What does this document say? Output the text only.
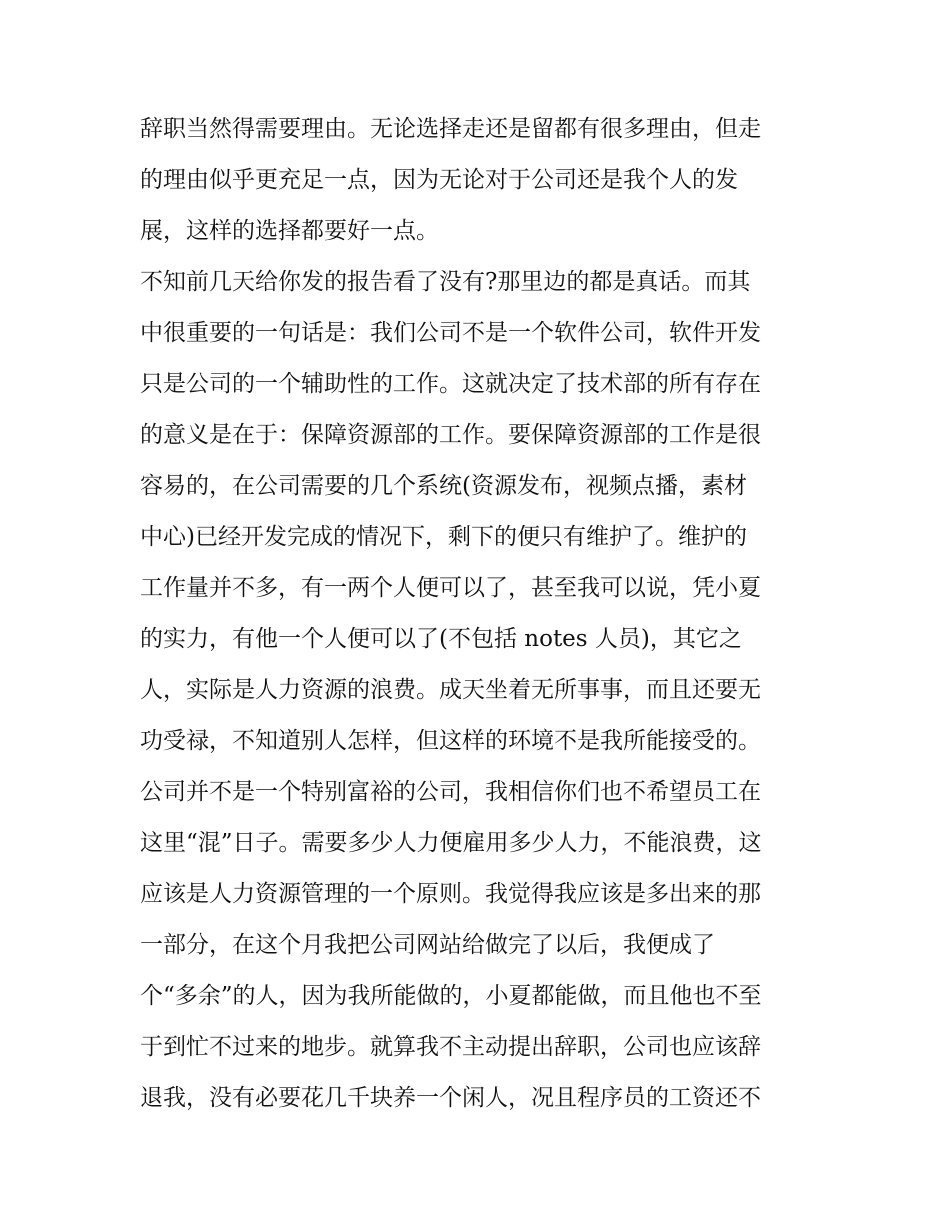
辞职当然得需要理由。无论选择走还是留都有很多理由，但走

的理由似乎更充足一点，因为无论对于公司还是我个人的发

展，这样的选择都要好一点。

不知前几天给你发的报告看了没有?那里边的都是真话。而其

中很重要的一句话是：我们公司不是一个软件公司，软件开发

只是公司的一个辅助性的工作。这就决定了技术部的所有存在

的意义是在于：保障资源部的工作。要保障资源部的工作是很

容易的，在公司需要的几个系统(资源发布，视频点播，素材

中心)已经开发完成的情况下，剩下的便只有维护了。维护的

工作量并不多，有一两个人便可以了，甚至我可以说，凭小夏

的实力，有他一个人便可以了(不包括 notes 人员)，其它之

人，实际是人力资源的浪费。成天坐着无所事事，而且还要无

功受禄，不知道别人怎样，但这样的环境不是我所能接受的。

公司并不是一个特别富裕的公司，我相信你们也不希望员工在

这里“混”日子。需要多少人力便雇用多少人力，不能浪费，这

应该是人力资源管理的一个原则。我觉得我应该是多出来的那

一部分，在这个月我把公司网站给做完了以后，我便成了

个“多余”的人，因为我所能做的，小夏都能做，而且他也不至

于到忙不过来的地步。就算我不主动提出辞职，公司也应该辞

退我，没有必要花几千块养一个闲人，况且程序员的工资还不
